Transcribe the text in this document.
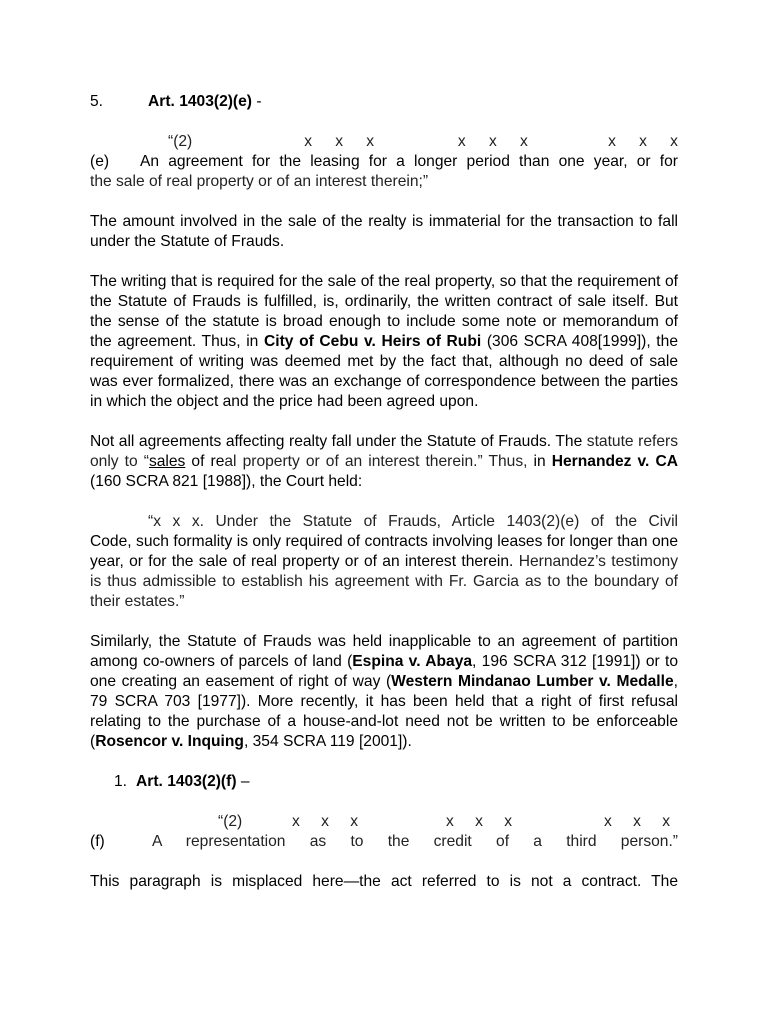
5.	Art. 1403(2)(e) -
“(2)	x x x	x x x	x x x
(e) An agreement for the leasing for a longer period than one year, or for
the sale of real property or of an interest therein;”

The amount involved in the sale of the realty is immaterial for the transaction to fall under the Statute of Frauds.

The writing that is required for the sale of the real property, so that the requirement of the Statute of Frauds is fulfilled, is, ordinarily, the written contract of sale itself. But the sense of the statute is broad enough to include some note or memorandum of the agreement. Thus, in City of Cebu v. Heirs of Rubi (306 SCRA 408[1999]), the requirement of writing was deemed met by the fact that, although no deed of sale was ever formalized, there was an exchange of correspondence between the parties in which the object and the price had been agreed upon.

Not all agreements affecting realty fall under the Statute of Frauds. The statute refers only to “sales of real property or of an interest therein.” Thus, in Hernandez v. CA (160 SCRA 821 [1988]), the Court held:

“x x x. Under the Statute of Frauds, Article 1403(2)(e) of the CivilCode, such formality is only required of contracts involving leases for longer than one year, or for the sale of real property or of an interest therein. Hernandez’s testimony is thus admissible to establish his agreement with Fr. Garcia as to the boundary of their estates.”

Similarly, the Statute of Frauds was held inapplicable to an agreement of partition among co-owners of parcels of land (Espina v. Abaya, 196 SCRA 312 [1991]) or to one creating an easement of right of way (Western Mindanao Lumber v. Medalle, 79 SCRA 703 [1977]). More recently, it has been held that a right of first refusal relating to the purchase of a house-and-lot need not be written to be enforceable (Rosencor v. Inquing, 354 SCRA 119 [2001]).

1. Art. 1403(2)(f) –
“(2)	x x x	x x x	x x x
(f)	A representation as to the credit of a third person.”
This paragraph is misplaced here—the act referred to is not a contract. The
